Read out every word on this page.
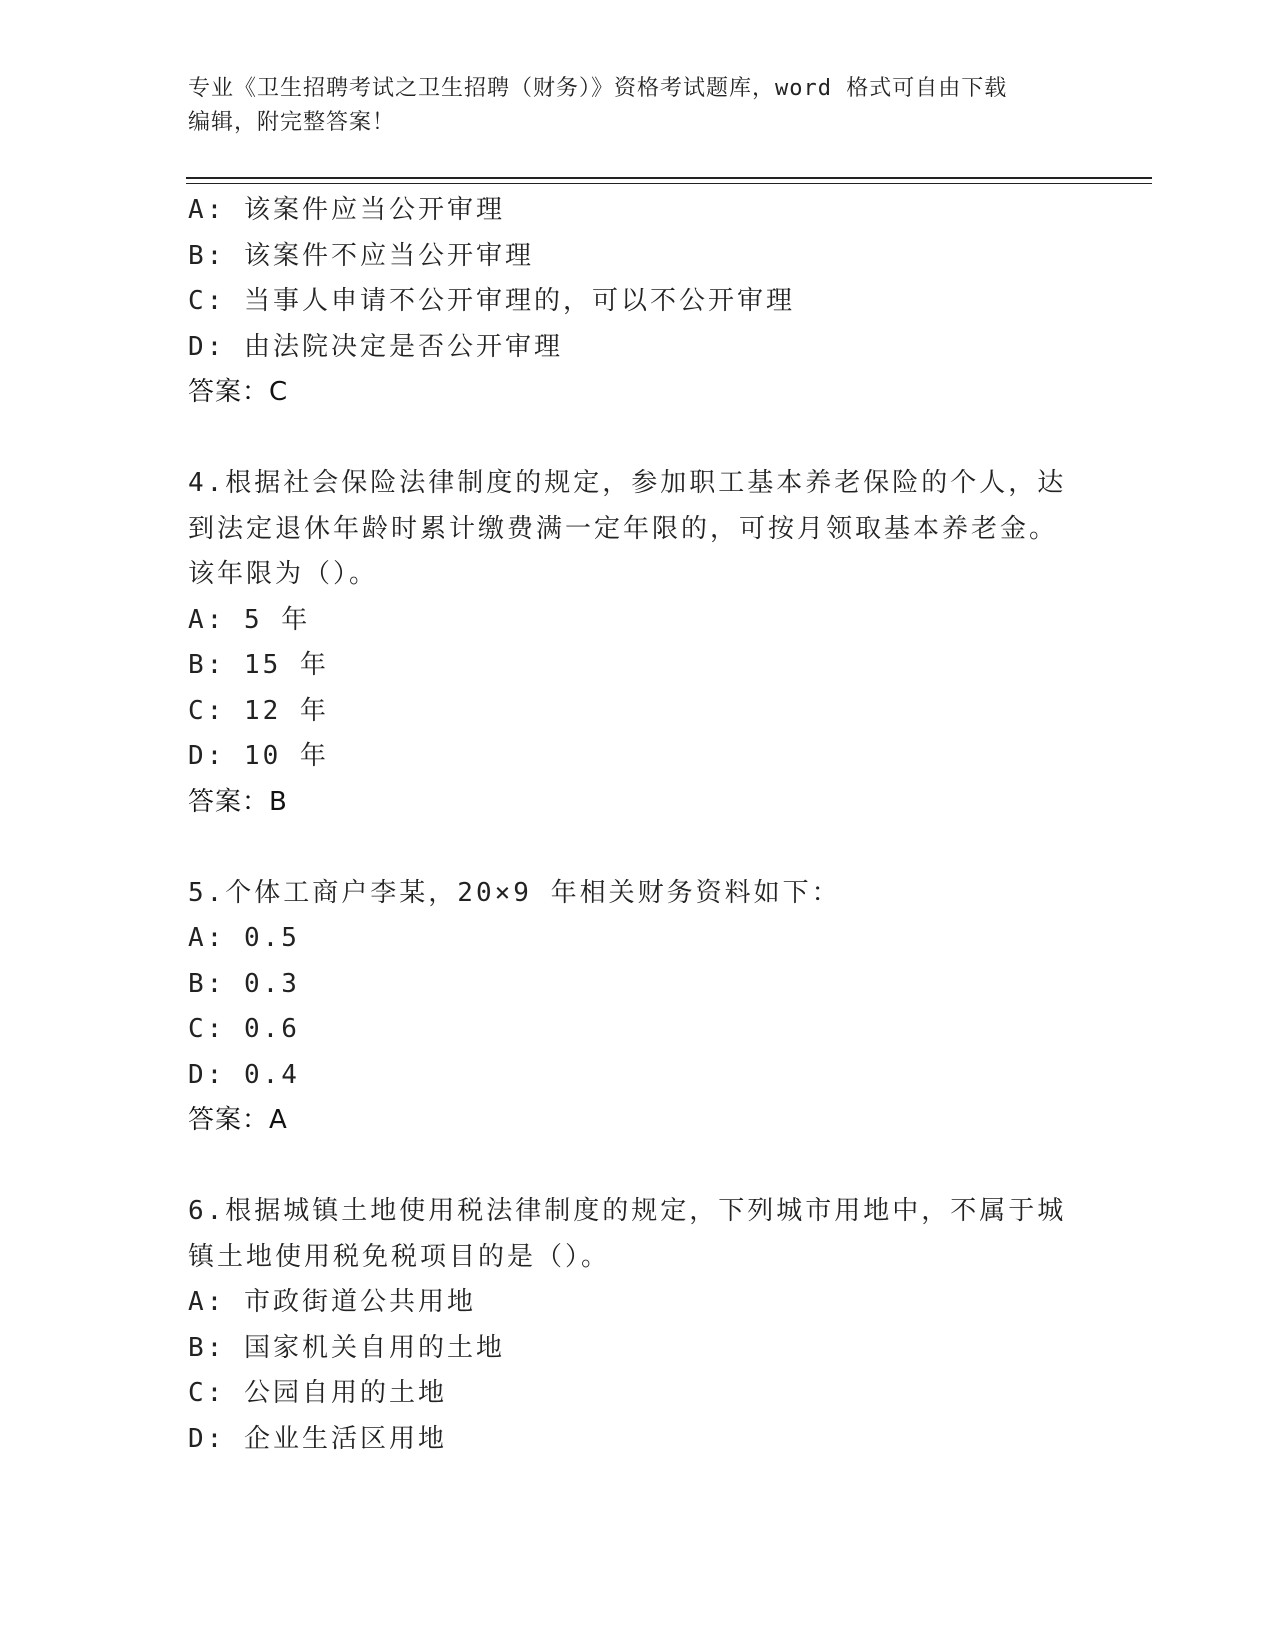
专业《卫生招聘考试之卫生招聘（财务）》资格考试题库，word 格式可自由下载
编辑，附完整答案！
A: 该案件应当公开审理
B: 该案件不应当公开审理
C: 当事人申请不公开审理的，可以不公开审理
D: 由法院决定是否公开审理
答案：C
4.根据社会保险法律制度的规定，参加职工基本养老保险的个人，达
到法定退休年龄时累计缴费满一定年限的，可按月领取基本养老金。
该年限为（）。
A: 5 年
B: 15 年
C: 12 年
D: 10 年
答案：B
5.个体工商户李某，20×9 年相关财务资料如下：
A: 0.5
B: 0.3
C: 0.6
D: 0.4
答案：A
6.根据城镇土地使用税法律制度的规定，下列城市用地中，不属于城
镇土地使用税免税项目的是（）。
A: 市政街道公共用地
B: 国家机关自用的土地
C: 公园自用的土地
D: 企业生活区用地
